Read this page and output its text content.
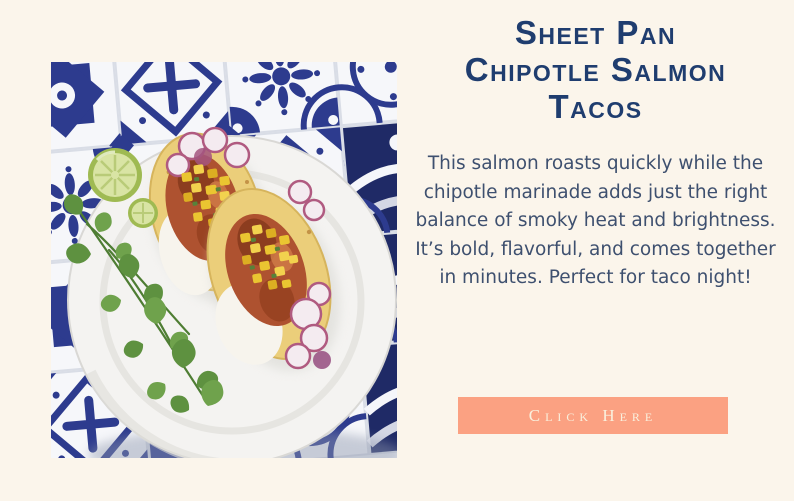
Sheet Pan
Chipotle Salmon
Tacos

This salmon roasts quickly while the chipotle marinade adds just the right balance of smoky heat and brightness. It’s bold, flavorful, and comes together in minutes. Perfect for taco night!

Click Here
